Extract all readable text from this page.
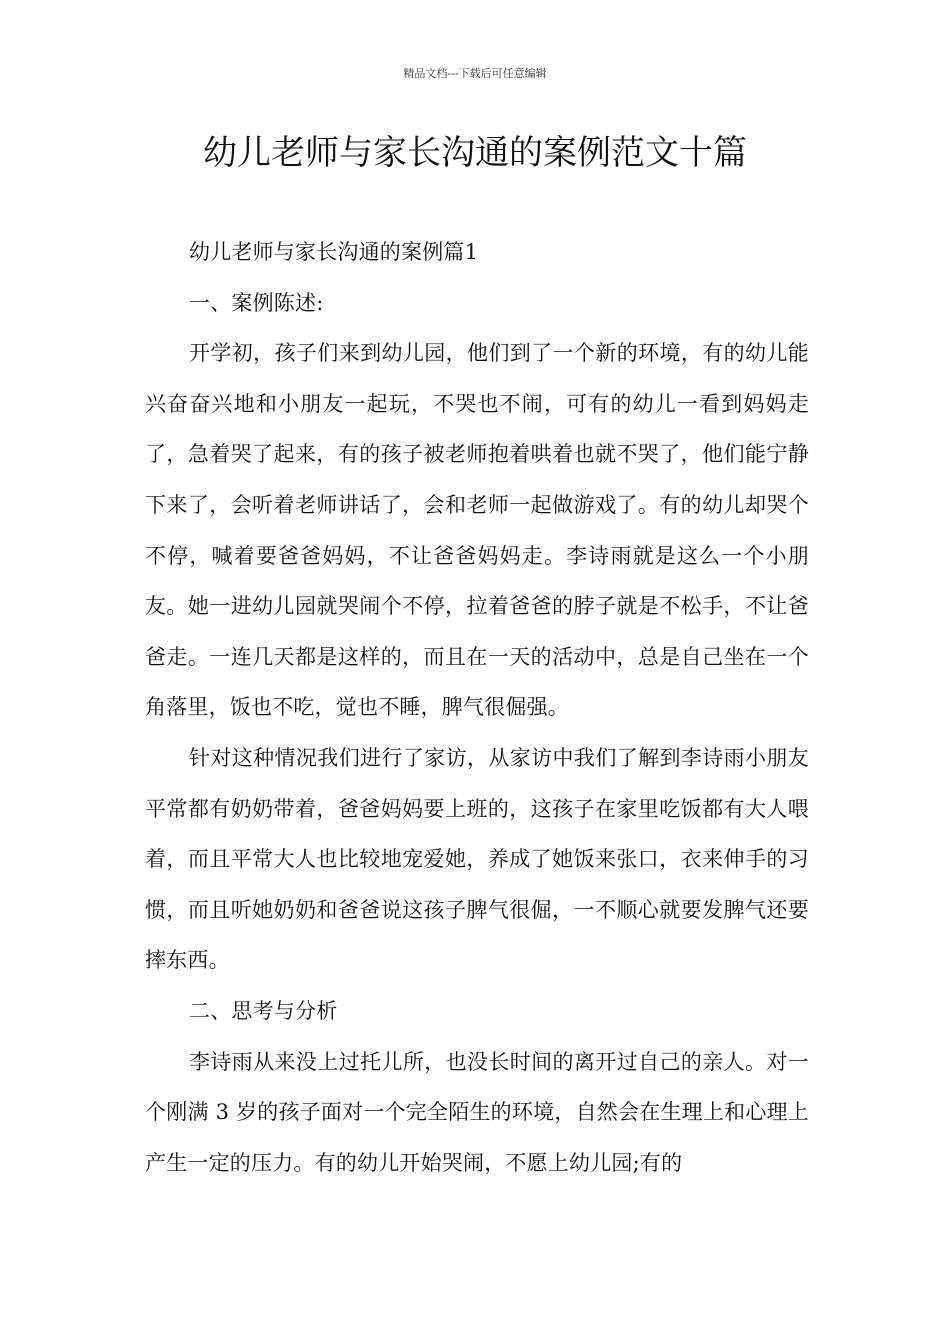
精品文档---下载后可任意编辑
幼儿老师与家长沟通的案例范文十篇

幼儿老师与家长沟通的案例篇1

一、案例陈述:

开学初，孩子们来到幼儿园，他们到了一个新的环境，有的幼儿能兴奋奋兴地和小朋友一起玩，不哭也不闹，可有的幼儿一看到妈妈走了，急着哭了起来，有的孩子被老师抱着哄着也就不哭了，他们能宁静下来了，会听着老师讲话了，会和老师一起做游戏了。有的幼儿却哭个不停，喊着要爸爸妈妈，不让爸爸妈妈走。李诗雨就是这么一个小朋友。她一进幼儿园就哭闹个不停，拉着爸爸的脖子就是不松手，不让爸爸走。一连几天都是这样的，而且在一天的活动中，总是自己坐在一个角落里，饭也不吃，觉也不睡，脾气很倔强。

针对这种情况我们进行了家访，从家访中我们了解到李诗雨小朋友平常都有奶奶带着，爸爸妈妈要上班的，这孩子在家里吃饭都有大人喂着，而且平常大人也比较地宠爱她，养成了她饭来张口，衣来伸手的习惯，而且听她奶奶和爸爸说这孩子脾气很倔，一不顺心就要发脾气还要摔东西。

二、思考与分析

李诗雨从来没上过托儿所，也没长时间的离开过自己的亲人。对一个刚满 3 岁的孩子面对一个完全陌生的环境，自然会在生理上和心理上产生一定的压力。有的幼儿开始哭闹，不愿上幼儿园;有的
